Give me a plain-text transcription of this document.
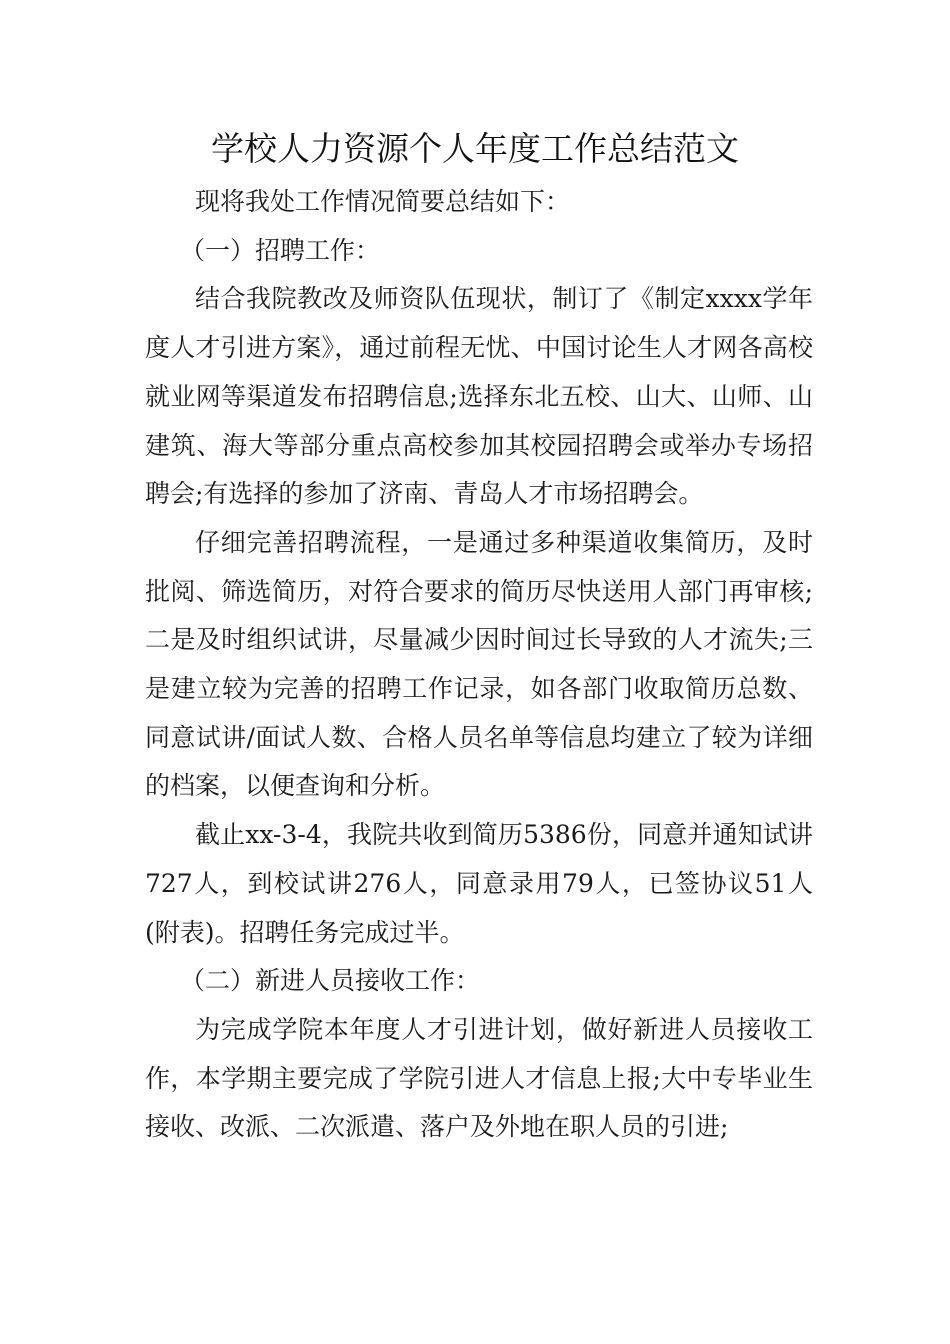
学校人力资源个人年度工作总结范文

现将我处工作情况简要总结如下：

（一）招聘工作：

结合我院教改及师资队伍现状，制订了《制定xxxx学年度人才引进方案》，通过前程无忧、中国讨论生人才网各高校就业网等渠道发布招聘信息;选择东北五校、山大、山师、山建筑、海大等部分重点高校参加其校园招聘会或举办专场招聘会;有选择的参加了济南、青岛人才市场招聘会。

仔细完善招聘流程，一是通过多种渠道收集简历，及时批阅、筛选简历，对符合要求的简历尽快送用人部门再审核;二是及时组织试讲，尽量减少因时间过长导致的人才流失;三是建立较为完善的招聘工作记录，如各部门收取简历总数、同意试讲/面试人数、合格人员名单等信息均建立了较为详细的档案，以便查询和分析。

截止xx-3-4，我院共收到简历5386份，同意并通知试讲727人，到校试讲276人，同意录用79人，已签协议51人(附表)。招聘任务完成过半。

（二）新进人员接收工作：

为完成学院本年度人才引进计划，做好新进人员接收工作，本学期主要完成了学院引进人才信息上报;大中专毕业生接收、改派、二次派遣、落户及外地在职人员的引进;
